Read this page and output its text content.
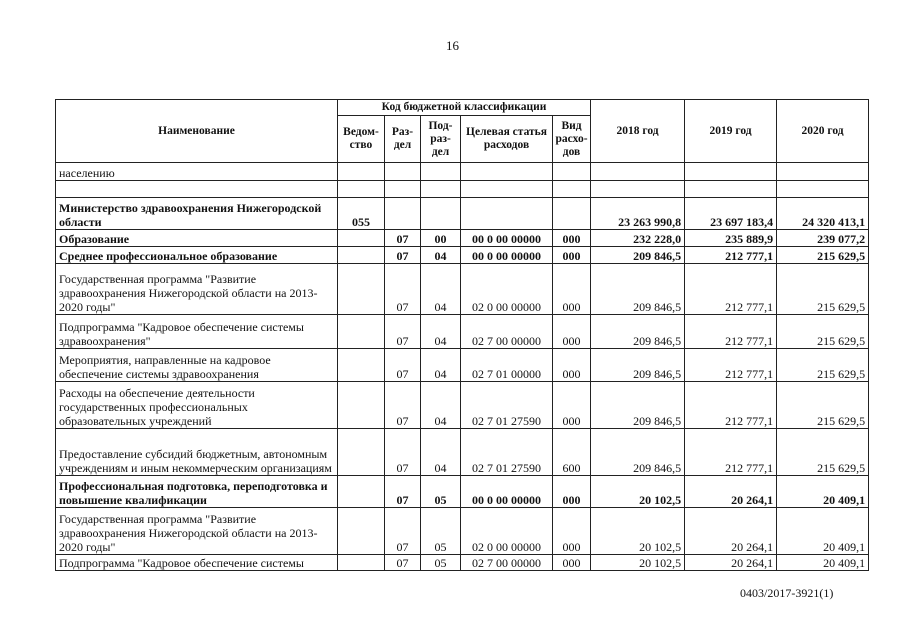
16
Наименование	Код бюджетной классификации					2018 год	2019 год	2020 год
	Ведом-ство	Раз-дел	Под-раз-дел	Целевая статья расходов	Вид расхо-дов			
населению								

Министерство здравоохранения Нижегородской области	055					23 263 990,8	23 697 183,4	24 320 413,1
Образование		07	00	00 0 00 00000	000	232 228,0	235 889,9	239 077,2
Среднее профессиональное образование		07	04	00 0 00 00000	000	209 846,5	212 777,1	215 629,5
Государственная программа "Развитие здравоохранения Нижегородской области на 2013-2020 годы"		07	04	02 0 00 00000	000	209 846,5	212 777,1	215 629,5
Подпрограмма "Кадровое обеспечение системы здравоохранения"		07	04	02 7 00 00000	000	209 846,5	212 777,1	215 629,5
Мероприятия, направленные на кадровое обеспечение системы здравоохранения		07	04	02 7 01 00000	000	209 846,5	212 777,1	215 629,5
Расходы на обеспечение деятельности государственных профессиональных образовательных учреждений		07	04	02 7 01 27590	000	209 846,5	212 777,1	215 629,5
Предоставление субсидий бюджетным, автономным учреждениям и иным некоммерческим организациям		07	04	02 7 01 27590	600	209 846,5	212 777,1	215 629,5
Профессиональная подготовка, переподготовка и повышение квалификации		07	05	00 0 00 00000	000	20 102,5	20 264,1	20 409,1
Государственная программа "Развитие здравоохранения Нижегородской области на 2013-2020 годы"		07	05	02 0 00 00000	000	20 102,5	20 264,1	20 409,1
Подпрограмма "Кадровое обеспечение системы		07	05	02 7 00 00000	000	20 102,5	20 264,1	20 409,1
0403/2017-3921(1)
